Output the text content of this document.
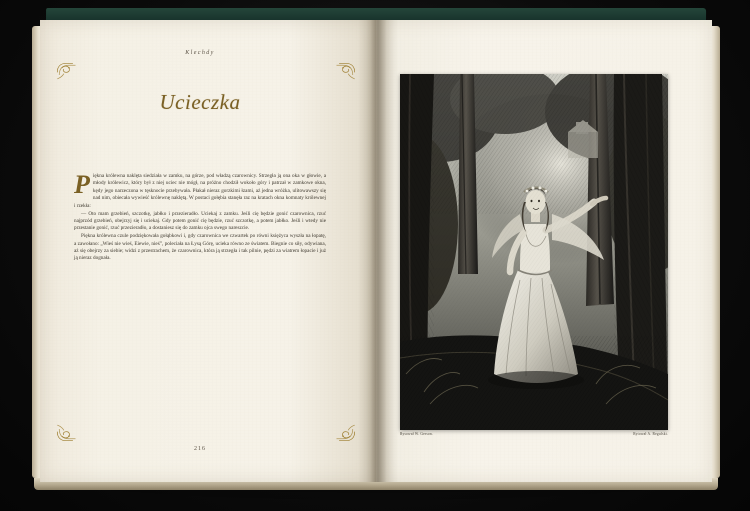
Klechdy
Ucieczka

Piękna królewna naklęta siedziała w zamku, na górze, pod władzą czarownicy. Strzegła ją ona oka w głowie, a młody królewicz, który był z niej uciec nie mógł, na próżno chodził wokoło góry i patrzał w zamkowe okna, kędy jego narzeczona w tęsknocie przebywała. Płakał nieraz gorzkimi łzami, aż jedna wróżka, ulitowawszy się nad nim, obiecała wywieść królewnę naklętą. W postaci gołębia stanęła raz na kratach okna komnaty królewnej i rzekła:

— Oto mam grzebień, szczotkę, jabłko i przezieradło. Uciekaj z zamku. Jeśli cię będzie gonić czarownica, rzuć najprzód grzebień, obejrzyj się i uciekaj. Gdy potem gonić cię będzie, rzuć szczotkę, a potem jabłko. Jeśli i wtedy nie przestanie gonić, rzuć przezieradło, a dostaniesz się do zamku ojca swego nareszcie.

Piękna królewna czule podziękowała gołąbkowi i, gdy czarownica we czwartek po równi księżyca wyszła na łopatę, a zawołano: „Wieś nie wieś, Eiewie, nieś”, poleciała na Łysą Górę, ucieka równo ze światem. Biegnie co siły, odywiana, aż się obejrzy za siebie; widzi z przestrachem, że czarownica, która ją strzegła i tak pilnie, pędzi za wiatrem łopacie i już ją nieraz dognała.

216
Rysował W. Gerson.	Rytował A. Regulski.
